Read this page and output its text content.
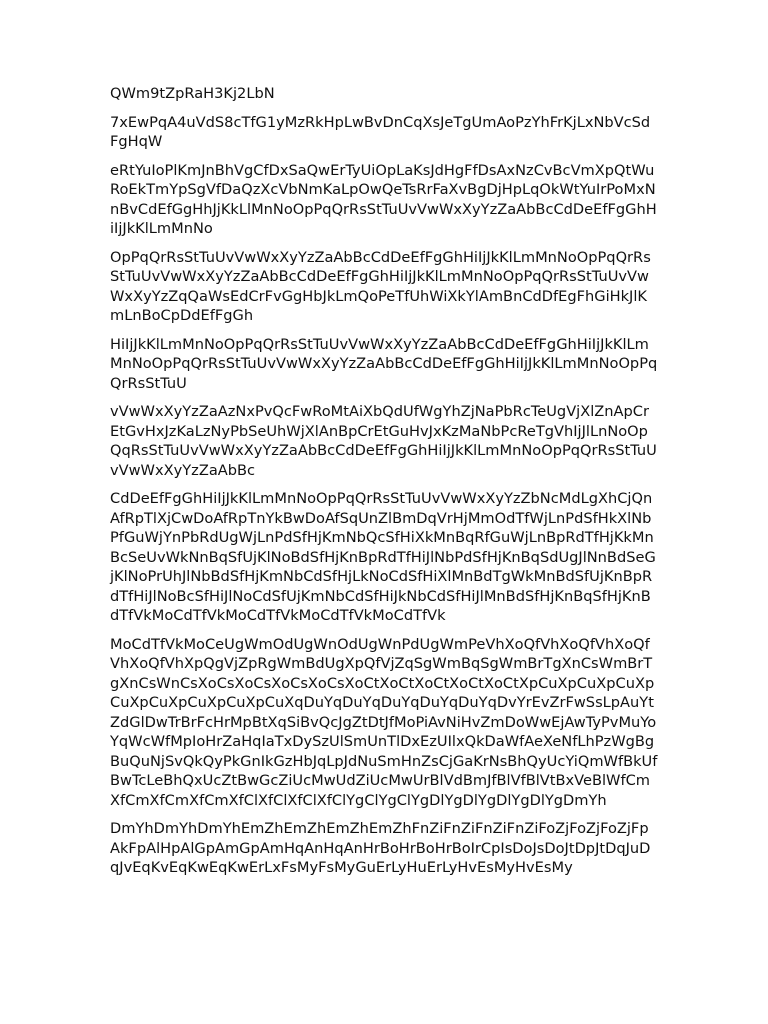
QWm9tZpRaH3Kj2LbN

7xEwPqA4uVdS8cTfG1yMzRkHpLwBvDnCqXsJeTgUmAoPzYhFrKjLxNbVcSdFgHqW

eRtYuIoPlKmJnBhVgCfDxSaQwErTyUiOpLaKsJdHgFfDsAxNzCvBcVmXpQtWuRoEkTmYpSgVfDaQzXcVbNmKaLpOwQeTsRrFaXvBgDjHpLqOkWtYuIrPoMxNnBvCdEfGgHhJjKkLlMnNoOpPqQrRsStTuUvVwWxXyYzZaAbBcCdDeEfFgGhHiIjJkKlLmMnNo

OpPqQrRsStTuUvVwWxXyYzZaAbBcCdDeEfFgGhHiIjJkKlLmMnNoOpPqQrRsStTuUvVwWxXyYzZaAbBcCdDeEfFgGhHiIjJkKlLmMnNoOpPqQrRsStTuUvVwWxXyYzZqQaWsEdCrFvGgHbJkLmQoPeTfUhWiXkYlAmBnCdDfEgFhGiHkJlKmLnBoCpDdEfFgGh

HiIjJkKlLmMnNoOpPqQrRsStTuUvVwWxXyYzZaAbBcCdDeEfFgGhHiIjJkKlLmMnNoOpPqQrRsStTuUvVwWxXyYzZaAbBcCdDeEfFgGhHiIjJkKlLmMnNoOpPqQrRsStTuU

vVwWxXyYzZaAzNxPvQcFwRoMtAiXbQdUfWgYhZjNaPbRcTeUgVjXlZnApCrEtGvHxJzKaLzNyPbSeUhWjXlAnBpCrEtGuHvJxKzMaNbPcReTgVhIjJlLnNoOpQqRsStTuUvVwWxXyYzZaAbBcCdDeEfFgGhHiIjJkKlLmMnNoOpPqQrRsStTuUvVwWxXyYzZaAbBc

CdDeEfFgGhHiIjJkKlLmMnNoOpPqQrRsStTuUvVwWxXyYzZbNcMdLgXhCjQnAfRpTlXjCwDoAfRpTnYkBwDoAfSqUnZlBmDqVrHjMmOdTfWjLnPdSfHkXlNbPfGuWjYnPbRdUgWjLnPdSfHjKmNbQcSfHiXkMnBqRfGuWjLnBpRdTfHjKkMnBcSeUvWkNnBqSfUjKlNoBdSfHjKnBpRdTfHiJlNbPdSfHjKnBqSdUgJlNnBdSeGjKlNoPrUhJlNbBdSfHjKmNbCdSfHjLkNoCdSfHiXlMnBdTgWkMnBdSfUjKnBpRdTfHiJlNoBcSfHiJlNoCdSfUjKmNbCdSfHiJkNbCdSfHiJlMnBdSfHjKnBqSfHjKnBdTfVkMoCdTfVkMoCdTfVkMoCdTfVkMoCdTfVk

MoCdTfVkMoCeUgWmOdUgWnOdUgWnPdUgWmPeVhXoQfVhXoQfVhXoQfVhXoQfVhXpQgVjZpRgWmBdUgXpQfVjZqSgWmBqSgWmBrTgXnCsWmBrTgXnCsWnCsXoCsXoCsXoCsXoCsXoCtXoCtXoCtXoCtXoCtXpCuXpCuXpCuXpCuXpCuXpCuXpCuXpCuXqDuYqDuYqDuYqDuYqDuYqDvYrEvZrFwSsLpAuYtZdGlDwTrBrFcHrMpBtXqSiBvQcJgZtDtJfMoPiAvNiHvZmDoWwEjAwTyPvMuYoYqWcWfMpIoHrZaHqIaTxDySzUlSmUnTlDxEzUIlxQkDaWfAeXeNfLhPzWgBgBuQuNjSvQkQyPkGnIkGzHbJqLpJdNuSmHnZsCjGaKrNsBhQyUcYiQmWfBkUfBwTcLeBhQxUcZtBwGcZiUcMwUdZiUcMwUrBlVdBmJfBlVfBlVtBxVeBlWfCmXfCmXfCmXfCmXfClXfClXfClXfClYgClYgClYgDlYgDlYgDlYgDlYgDmYh

DmYhDmYhDmYhEmZhEmZhEmZhEmZhFnZiFnZiFnZiFnZiFoZjFoZjFoZjFpAkFpAlHpAlGpAmGpAmHqAnHqAnHrBoHrBoHrBoIrCpIsDoJsDoJtDpJtDqJuDqJvEqKvEqKwEqKwErLxFsMyFsMyGuErLyHuErLyHvEsMyHvEsMy
